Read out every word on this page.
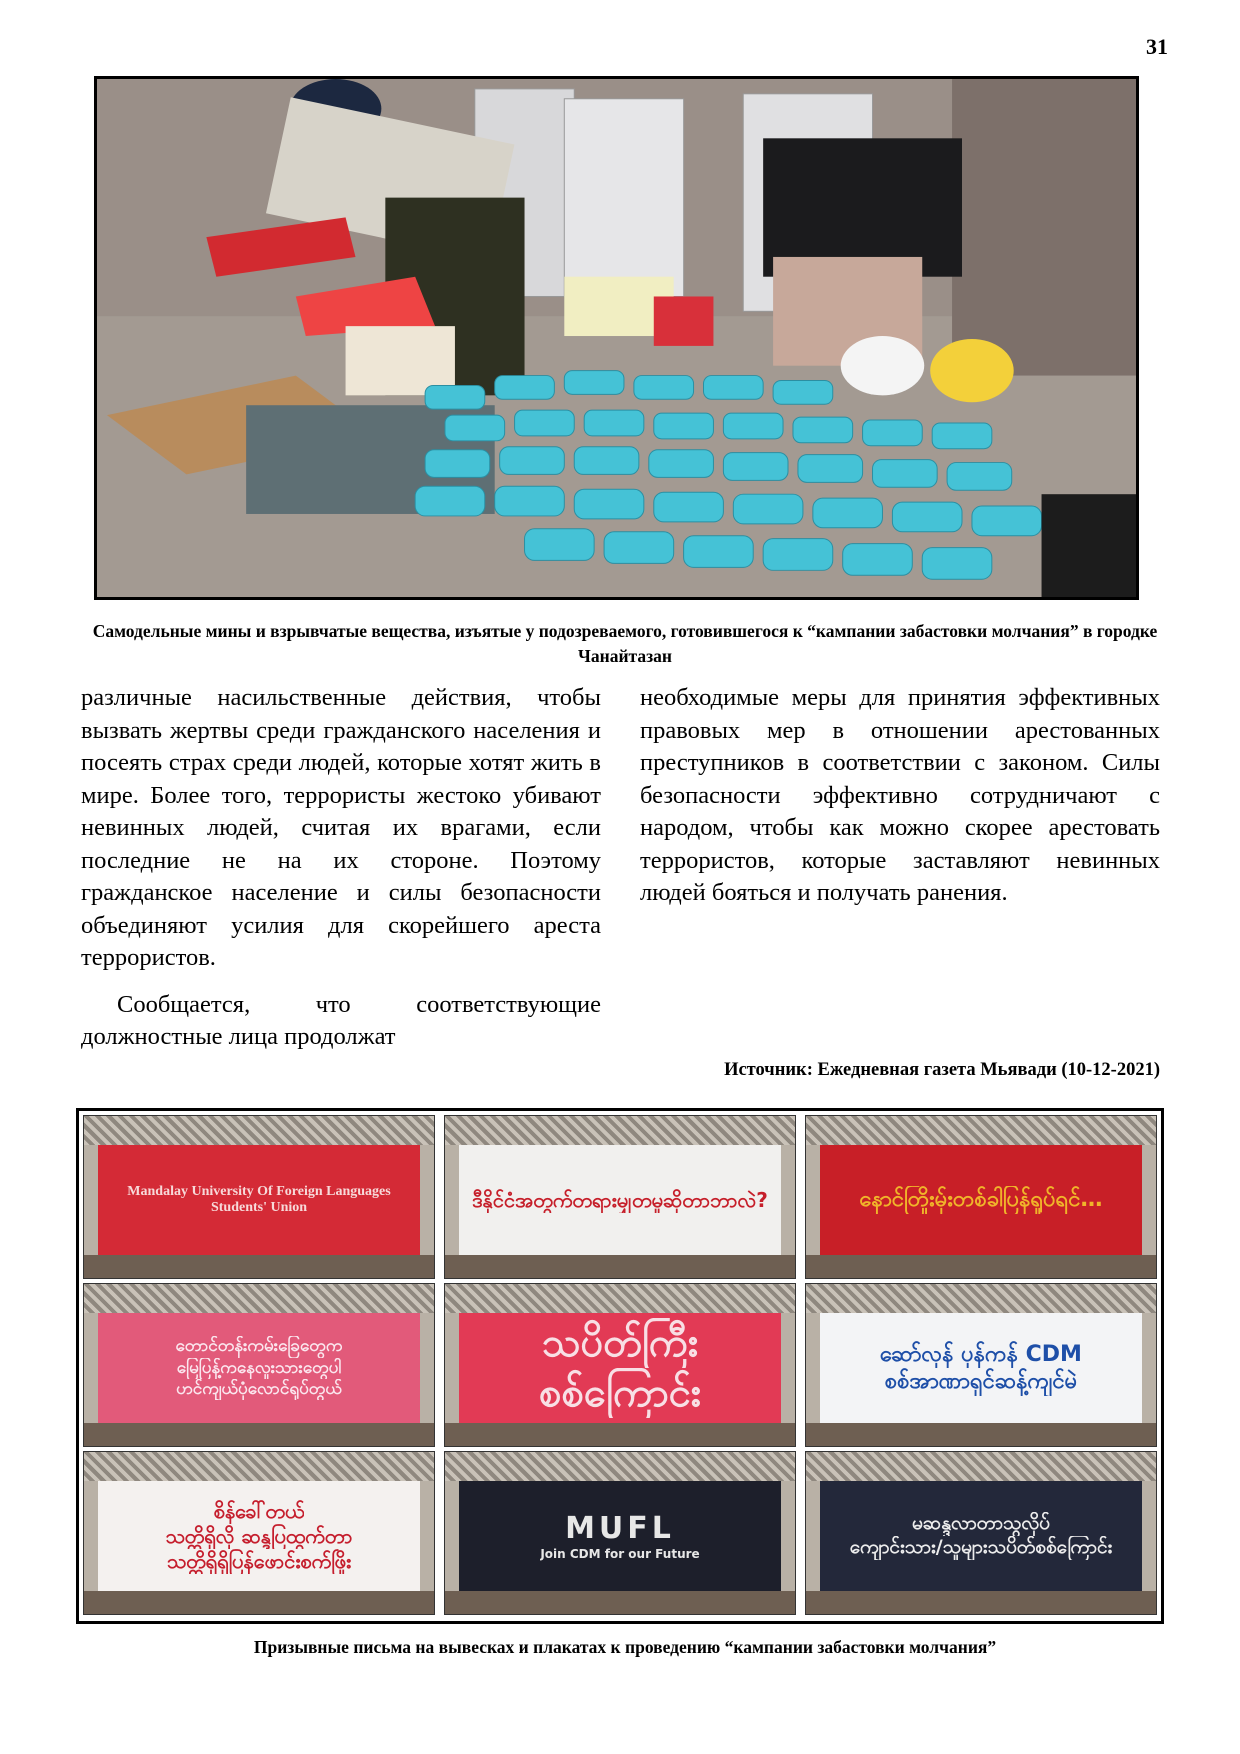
31
Самодельные мины и взрывчатые вещества, изъятые у подозреваемого, готовившегося к “кампании забастовки молчания” в городке Чанайтазан

различные насильственные действия, чтобы вызвать жертвы среди гражданского населения и посеять страх среди людей, которые хотят жить в мире. Более того, террористы жестоко убивают невинных людей, считая их врагами, если последние не на их стороне. Поэтому гражданское население и силы безопасности объединяют усилия для скорейшего ареста террористов.

Сообщается, что соответствующие должностные лица продолжат

необходимые меры для принятия эффективных правовых мер в отношении арестованных преступников в соответствии с законом. Силы безопасности эффективно сотрудничают с народом, чтобы как можно скорее арестовать террористов, которые заставляют невинных людей бояться и получать ранения.

Источник: Ежедневная газета Мьявади (10-12-2021)
Mandalay University Of Foreign Languages
Students' Union	ဒီနိုင်ငံအတွက်တရားမျှတမှုဆိုတာဘာလဲ?	နောင်တြိုးမ်ုးတစ်ခါပြန်ရှုပ်ရင်…
တောင်တန်းကမ်းခြေတွေက
မြေပြန့်ကနေလူးသားတွေပါ
ဟင်ကျယ်ပုံလောင်ရုပ်တွယ်
သပိတ်ကြီး
စစ်ကြောင်း
ဆော်လုန် ပုန်ကန် CDM
စစ်အာဏာရှင်ဆန့်ကျင်မဲ
စိန်ခေါ်တယ်
သတ္တိရှိလို ဆန္ဒပြထွက်တာ
သတ္တိရှိရှိပြန်ဖောင်းစက်ဖြိုး
MUFL
Join CDM for our Future
မဆန္ဒလာတာသွလိုပ်
ကျောင်းသား/သူများသပိတ်စစ်ကြောင်း
Призывные письма на вывесках и плакатах к проведению “кампании забастовки молчания”
